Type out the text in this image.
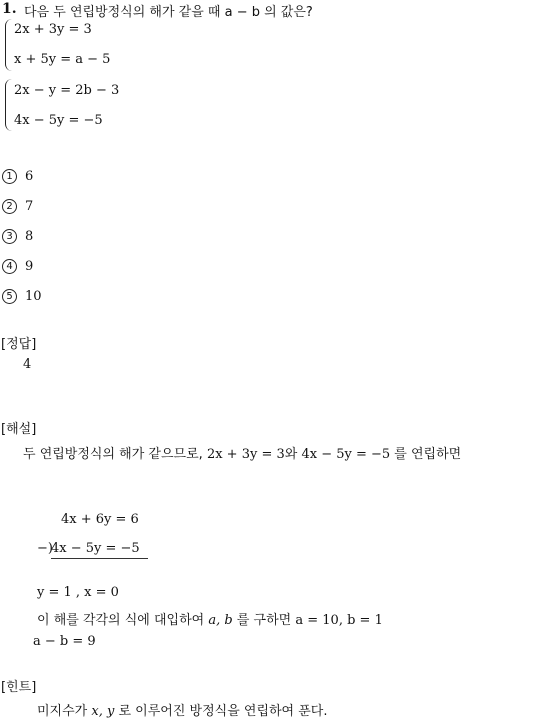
1. 다음 두 연립방정식의 해가 같을 때 a − b 의 값은?
2x + 3y = 3
x + 5y = a − 5
2x − y = 2b − 3
4x − 5y = −5
1 6
2 7
3 8
4 9
5 10
[정답]
4
[해설]
두 연립방정식의 해가 같으므로, 2x + 3y = 3와 4x − 5y = −5 를 연립하면
4x + 6y = 6
−)
4x − 5y = −5
y = 1 , x = 0
이 해를 각각의 식에 대입하여 a, b 를 구하면 a = 10, b = 1
a − b = 9
[힌트]
미지수가 x, y 로 이루어진 방정식을 연립하여 푼다.
